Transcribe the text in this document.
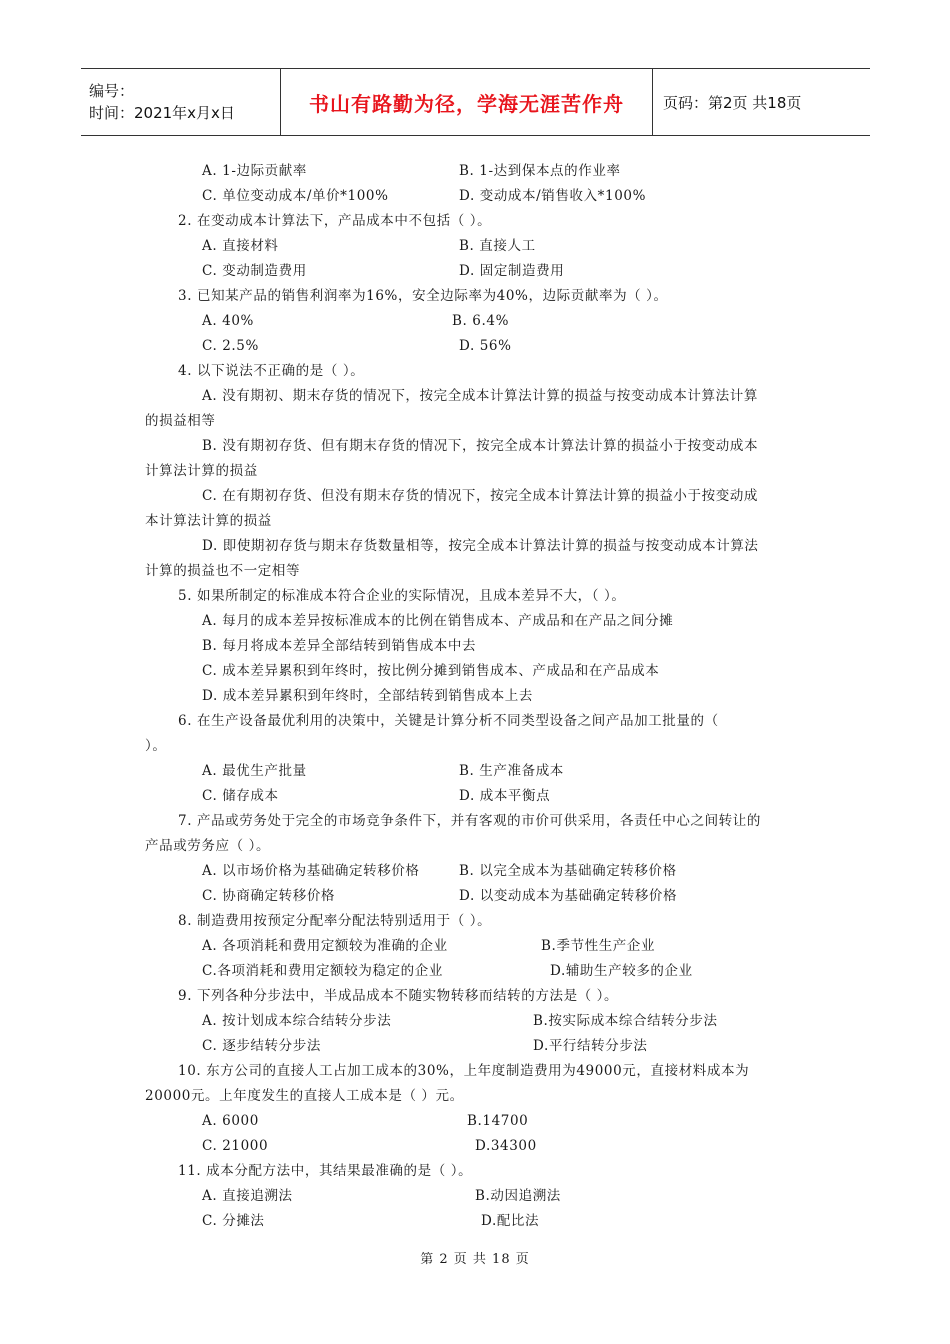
编号：
时间：2021年x月x日	书山有路勤为径，学海无涯苦作舟	页码：第2页 共18页
A. 1-边际贡献率	B. 1-达到保本点的作业率
C. 单位变动成本/单价*100%	D. 变动成本/销售收入*100%
2. 在变动成本计算法下，产品成本中不包括（ ）。
A. 直接材料	B. 直接人工
C. 变动制造费用	D. 固定制造费用
3. 已知某产品的销售利润率为16%，安全边际率为40%，边际贡献率为（ ）。
A. 40%	B. 6.4%
C. 2.5%	D. 56%
4. 以下说法不正确的是（ ）。
A. 没有期初、期末存货的情况下，按完全成本计算法计算的损益与按变动成本计算法计算
的损益相等
B. 没有期初存货、但有期末存货的情况下，按完全成本计算法计算的损益小于按变动成本
计算法计算的损益
C. 在有期初存货、但没有期末存货的情况下，按完全成本计算法计算的损益小于按变动成
本计算法计算的损益
D. 即使期初存货与期末存货数量相等，按完全成本计算法计算的损益与按变动成本计算法
计算的损益也不一定相等
5. 如果所制定的标准成本符合企业的实际情况，且成本差异不大，（ ）。
A. 每月的成本差异按标准成本的比例在销售成本、产成品和在产品之间分摊
B. 每月将成本差异全部结转到销售成本中去
C. 成本差异累积到年终时，按比例分摊到销售成本、产成品和在产品成本
D. 成本差异累积到年终时，全部结转到销售成本上去
6. 在生产设备最优利用的决策中，关键是计算分析不同类型设备之间产品加工批量的（
）。
A. 最优生产批量	B. 生产准备成本
C. 储存成本	D. 成本平衡点
7. 产品或劳务处于完全的市场竞争条件下，并有客观的市价可供采用，各责任中心之间转让的
产品或劳务应（ ）。
A. 以市场价格为基础确定转移价格	B. 以完全成本为基础确定转移价格
C. 协商确定转移价格	D. 以变动成本为基础确定转移价格
8. 制造费用按预定分配率分配法特别适用于（ ）。
A. 各项消耗和费用定额较为准确的企业	B.季节性生产企业
C.各项消耗和费用定额较为稳定的企业	D.辅助生产较多的企业
9. 下列各种分步法中，半成品成本不随实物转移而结转的方法是（ ）。
A. 按计划成本综合结转分步法	B.按实际成本综合结转分步法
C. 逐步结转分步法	D.平行结转分步法
10. 东方公司的直接人工占加工成本的30%，上年度制造费用为49000元，直接材料成本为
20000元。上年度发生的直接人工成本是（ ）元。
A. 6000	B.14700
C. 21000	D.34300
11. 成本分配方法中，其结果最准确的是（ ）。
A. 直接追溯法	B.动因追溯法
C. 分摊法	D.配比法
第 2 页 共 18 页
